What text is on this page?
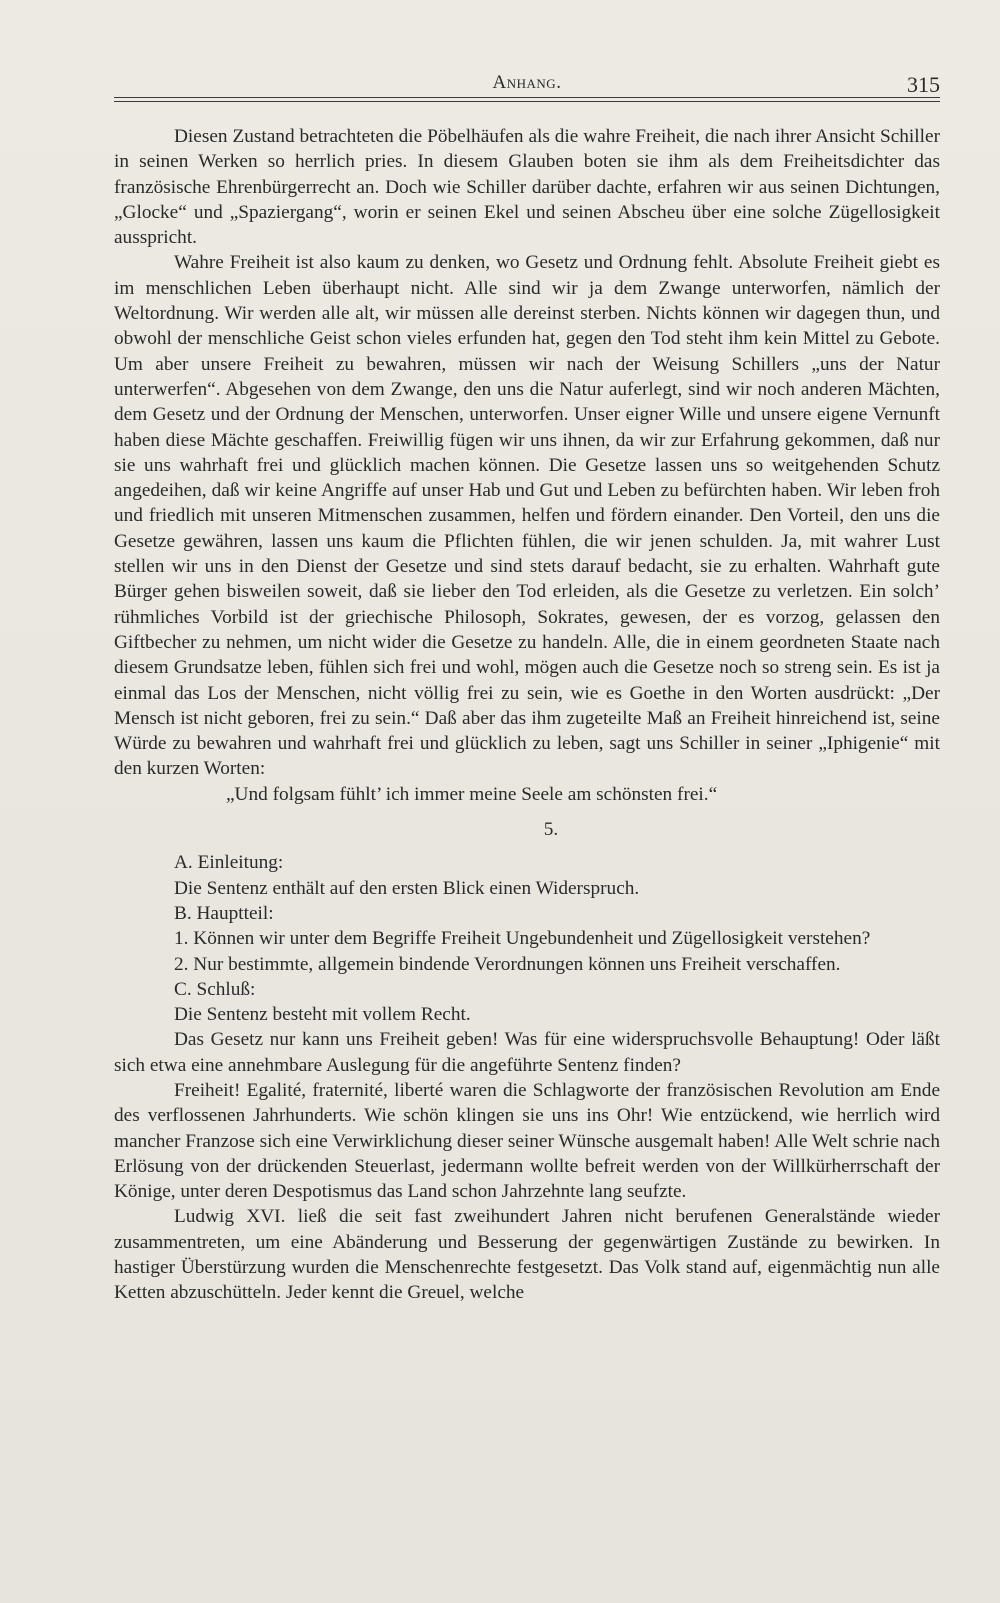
Anhang.	315

Diesen Zustand betrachteten die Pöbelhäufen als die wahre Freiheit, die nach ihrer Ansicht Schiller in seinen Werken so herrlich pries. In diesem Glauben boten sie ihm als dem Freiheitsdichter das französische Ehrenbürgerrecht an. Doch wie Schiller darüber dachte, erfahren wir aus seinen Dichtungen, „Glocke“ und „Spaziergang“, worin er seinen Ekel und seinen Abscheu über eine solche Zügellosigkeit ausspricht.

Wahre Freiheit ist also kaum zu denken, wo Gesetz und Ordnung fehlt. Absolute Freiheit giebt es im menschlichen Leben überhaupt nicht. Alle sind wir ja dem Zwange unterworfen, nämlich der Weltordnung. Wir werden alle alt, wir müssen alle dereinst sterben. Nichts können wir dagegen thun, und obwohl der menschliche Geist schon vieles erfunden hat, gegen den Tod steht ihm kein Mittel zu Gebote. Um aber unsere Freiheit zu bewahren, müssen wir nach der Weisung Schillers „uns der Natur unterwerfen“. Abgesehen von dem Zwange, den uns die Natur auferlegt, sind wir noch anderen Mächten, dem Gesetz und der Ordnung der Menschen, unterworfen. Unser eigner Wille und unsere eigene Vernunft haben diese Mächte geschaffen. Freiwillig fügen wir uns ihnen, da wir zur Erfahrung gekommen, daß nur sie uns wahrhaft frei und glücklich machen können. Die Gesetze lassen uns so weitgehenden Schutz angedeihen, daß wir keine Angriffe auf unser Hab und Gut und Leben zu befürchten haben. Wir leben froh und friedlich mit unseren Mitmenschen zusammen, helfen und fördern einander. Den Vorteil, den uns die Gesetze gewähren, lassen uns kaum die Pflichten fühlen, die wir jenen schulden. Ja, mit wahrer Lust stellen wir uns in den Dienst der Gesetze und sind stets darauf bedacht, sie zu erhalten. Wahrhaft gute Bürger gehen bisweilen soweit, daß sie lieber den Tod erleiden, als die Gesetze zu verletzen. Ein solch’ rühmliches Vorbild ist der griechische Philosoph, Sokrates, gewesen, der es vorzog, gelassen den Giftbecher zu nehmen, um nicht wider die Gesetze zu handeln. Alle, die in einem geordneten Staate nach diesem Grundsatze leben, fühlen sich frei und wohl, mögen auch die Gesetze noch so streng sein. Es ist ja einmal das Los der Menschen, nicht völlig frei zu sein, wie es Goethe in den Worten ausdrückt: „Der Mensch ist nicht geboren, frei zu sein.“ Daß aber das ihm zugeteilte Maß an Freiheit hinreichend ist, seine Würde zu bewahren und wahrhaft frei und glücklich zu leben, sagt uns Schiller in seiner „Iphigenie“ mit den kurzen Worten:

„Und folgsam fühlt’ ich immer meine Seele am schönsten frei.“

5.

A. Einleitung:

Die Sentenz enthält auf den ersten Blick einen Widerspruch.

B. Hauptteil:

1. Können wir unter dem Begriffe Freiheit Ungebundenheit und Zügellosigkeit verstehen?

2. Nur bestimmte, allgemein bindende Verordnungen können uns Freiheit verschaffen.

C. Schluß:

Die Sentenz besteht mit vollem Recht.

Das Gesetz nur kann uns Freiheit geben! Was für eine widerspruchsvolle Behauptung! Oder läßt sich etwa eine annehmbare Auslegung für die angeführte Sentenz finden?

Freiheit! Egalité, fraternité, liberté waren die Schlagworte der französischen Revolution am Ende des verflossenen Jahrhunderts. Wie schön klingen sie uns ins Ohr! Wie entzückend, wie herrlich wird mancher Franzose sich eine Verwirklichung dieser seiner Wünsche ausgemalt haben! Alle Welt schrie nach Erlösung von der drückenden Steuerlast, jedermann wollte befreit werden von der Willkürherrschaft der Könige, unter deren Despotismus das Land schon Jahrzehnte lang seufzte.

Ludwig XVI. ließ die seit fast zweihundert Jahren nicht berufenen Generalstände wieder zusammentreten, um eine Abänderung und Besserung der gegenwärtigen Zustände zu bewirken. In hastiger Überstürzung wurden die Menschenrechte festgesetzt. Das Volk stand auf, eigenmächtig nun alle Ketten abzuschütteln. Jeder kennt die Greuel, welche
